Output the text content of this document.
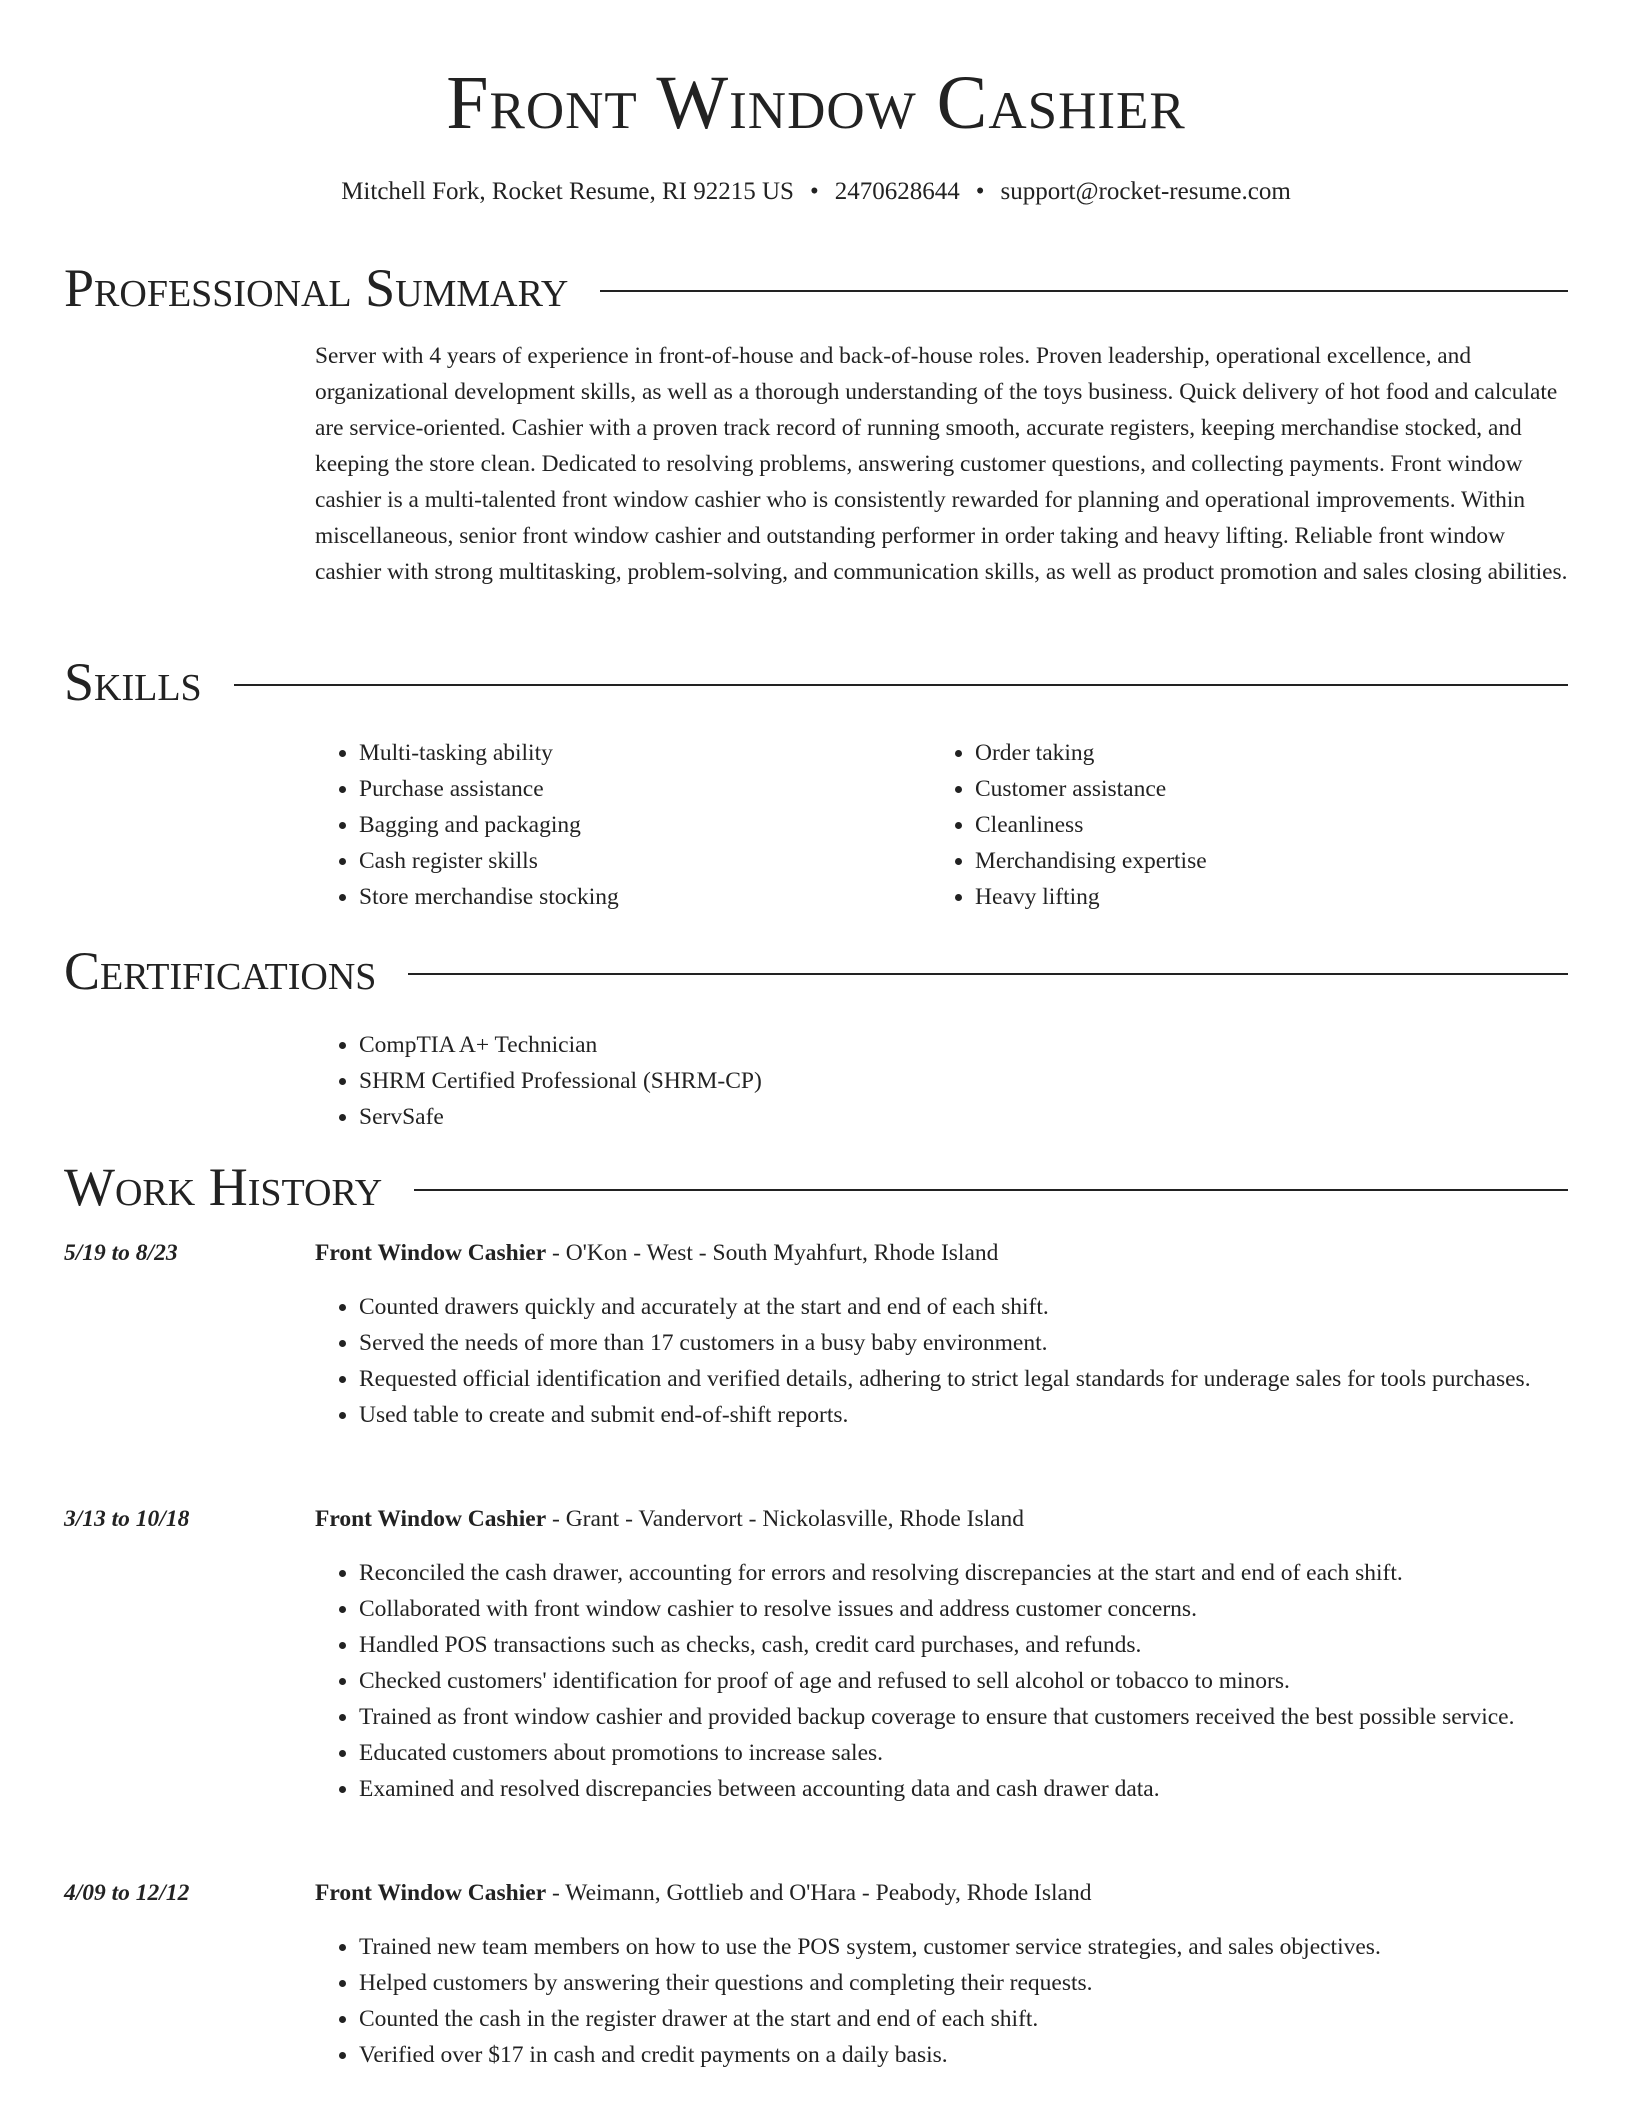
Front Window Cashier
Mitchell Fork, Rocket Resume, RI 92215 US • 2470628644 • support@rocket-resume.com
Professional Summary

Server with 4 years of experience in front-of-house and back-of-house roles. Proven leadership, operational excellence, and organizational development skills, as well as a thorough understanding of the toys business. Quick delivery of hot food and calculate are service-oriented. Cashier with a proven track record of running smooth, accurate registers, keeping merchandise stocked, and keeping the store clean. Dedicated to resolving problems, answering customer questions, and collecting payments. Front window cashier is a multi-talented front window cashier who is consistently rewarded for planning and operational improvements. Within miscellaneous, senior front window cashier and outstanding performer in order taking and heavy lifting. Reliable front window cashier with strong multitasking, problem-solving, and communication skills, as well as product promotion and sales closing abilities.

Skills
• Multi-tasking ability
• Purchase assistance
• Bagging and packaging
• Cash register skills
• Store merchandise stocking
• Order taking
• Customer assistance
• Cleanliness
• Merchandising expertise
• Heavy lifting
Certifications
• CompTIA A+ Technician
• SHRM Certified Professional (SHRM-CP)
• ServSafe
Work History
5/19 to 8/23	Front Window Cashier - O'Kon - West - South Myahfurt, Rhode Island
• Counted drawers quickly and accurately at the start and end of each shift.
• Served the needs of more than 17 customers in a busy baby environment.
• Requested official identification and verified details, adhering to strict legal standards for underage sales for tools purchases.
• Used table to create and submit end-of-shift reports.
3/13 to 10/18	Front Window Cashier - Grant - Vandervort - Nickolasville, Rhode Island
• Reconciled the cash drawer, accounting for errors and resolving discrepancies at the start and end of each shift.
• Collaborated with front window cashier to resolve issues and address customer concerns.
• Handled POS transactions such as checks, cash, credit card purchases, and refunds.
• Checked customers' identification for proof of age and refused to sell alcohol or tobacco to minors.
• Trained as front window cashier and provided backup coverage to ensure that customers received the best possible service.
• Educated customers about promotions to increase sales.
• Examined and resolved discrepancies between accounting data and cash drawer data.
4/09 to 12/12	Front Window Cashier - Weimann, Gottlieb and O'Hara - Peabody, Rhode Island
• Trained new team members on how to use the POS system, customer service strategies, and sales objectives.
• Helped customers by answering their questions and completing their requests.
• Counted the cash in the register drawer at the start and end of each shift.
• Verified over $17 in cash and credit payments on a daily basis.
